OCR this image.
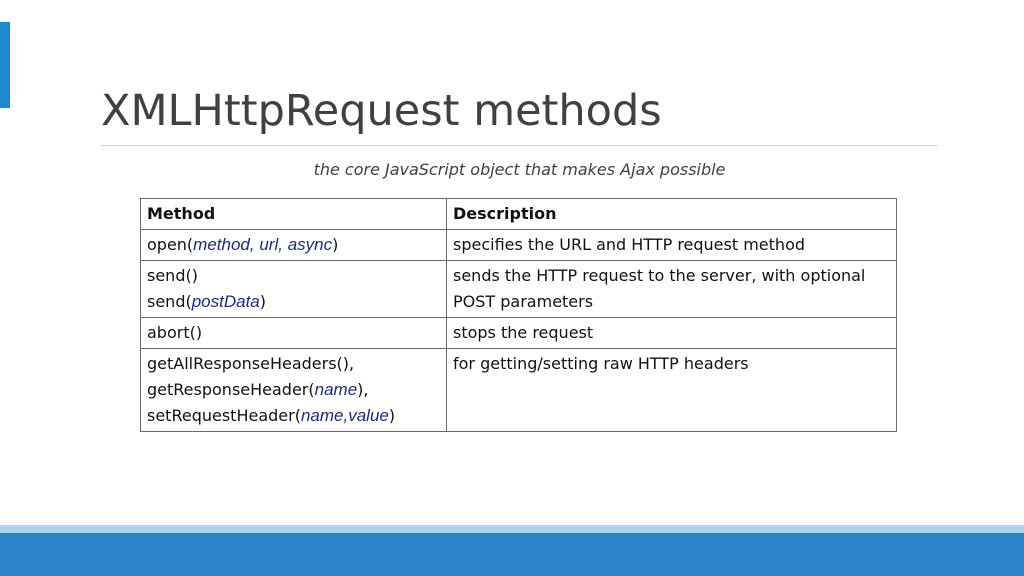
XMLHttpRequest methods
the core JavaScript object that makes Ajax possible
Method	Description

open(method, url, async)	specifies the URL and HTTP request method

send()
send(postData)	sends the HTTP request to the server, with optional POST parameters
abort()	stops the request

getAllResponseHeaders(),
getResponseHeader(name),
setRequestHeader(name,value)	for getting/setting raw HTTP headers
